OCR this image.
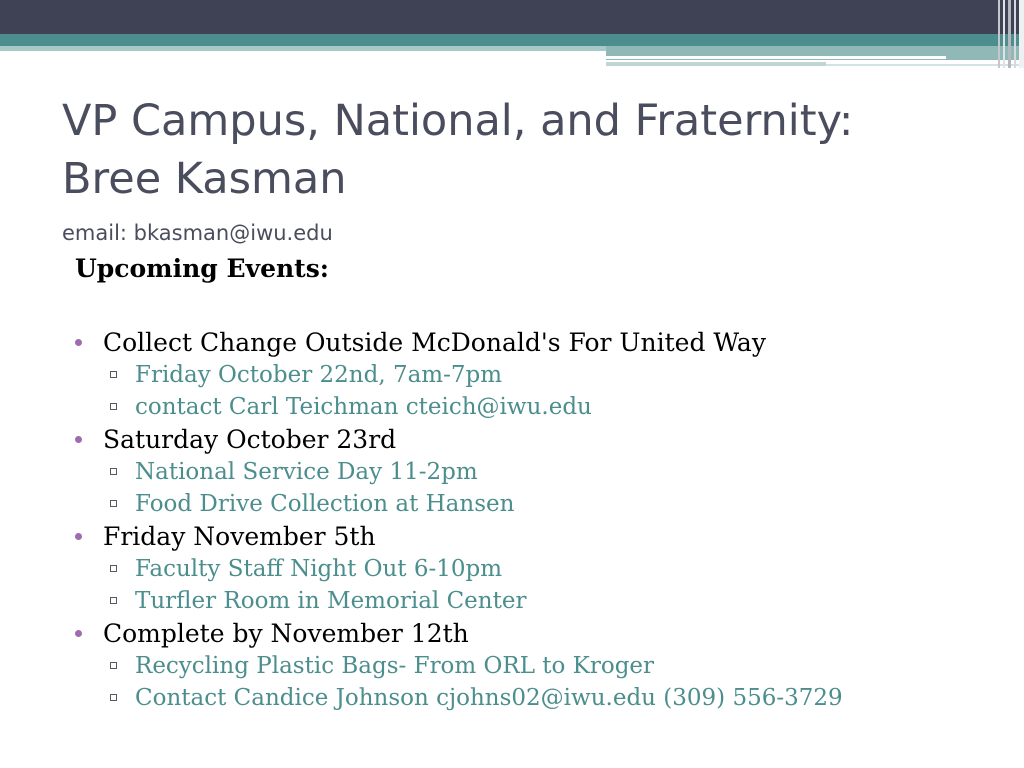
VP Campus, National, and Fraternity:
Bree Kasman
email: bkasman@iwu.edu

Upcoming Events:

Collect Change Outside McDonald's For United Way
Friday October 22nd, 7am-7pm
contact Carl Teichman cteich@iwu.edu
Saturday October 23rd
National Service Day 11-2pm
Food Drive Collection at Hansen
Friday November 5th
Faculty Staff Night Out 6-10pm
Turfler Room in Memorial Center
Complete by November 12th
Recycling Plastic Bags- From ORL to Kroger
Contact Candice Johnson cjohns02@iwu.edu (309) 556-3729
